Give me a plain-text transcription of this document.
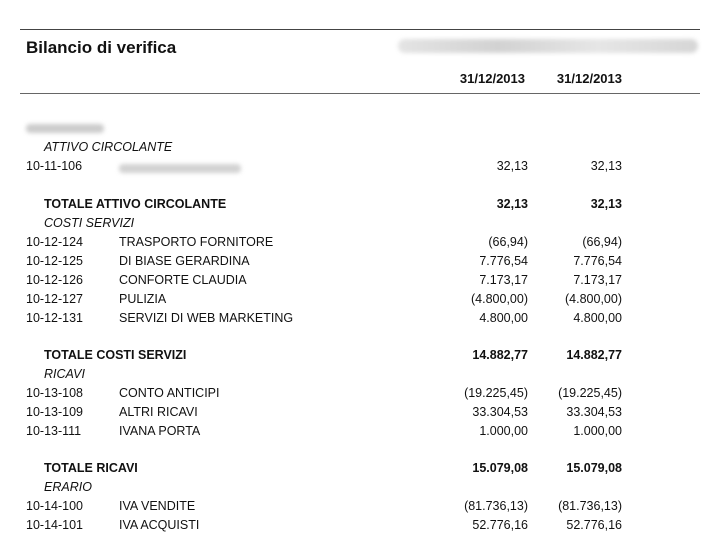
Bilancio di verifica
31/12/2013	31/12/2013
ATTIVO CIRCOLANTE
10-11-106	32,13	32,13
TOTALE ATTIVO CIRCOLANTE	32,13	32,13
COSTI SERVIZI
10-12-124	TRASPORTO FORNITORE	(66,94)	(66,94)
10-12-125	DI BIASE GERARDINA	7.776,54	7.776,54
10-12-126	CONFORTE CLAUDIA	7.173,17	7.173,17
10-12-127	PULIZIA	(4.800,00)	(4.800,00)
10-12-131	SERVIZI DI WEB MARKETING	4.800,00	4.800,00
TOTALE COSTI SERVIZI	14.882,77	14.882,77
RICAVI
10-13-108	CONTO ANTICIPI	(19.225,45)	(19.225,45)
10-13-109	ALTRI RICAVI	33.304,53	33.304,53
10-13-111	IVANA PORTA	1.000,00	1.000,00
TOTALE RICAVI	15.079,08	15.079,08
ERARIO
10-14-100	IVA VENDITE	(81.736,13)	(81.736,13)
10-14-101	IVA ACQUISTI	52.776,16	52.776,16
